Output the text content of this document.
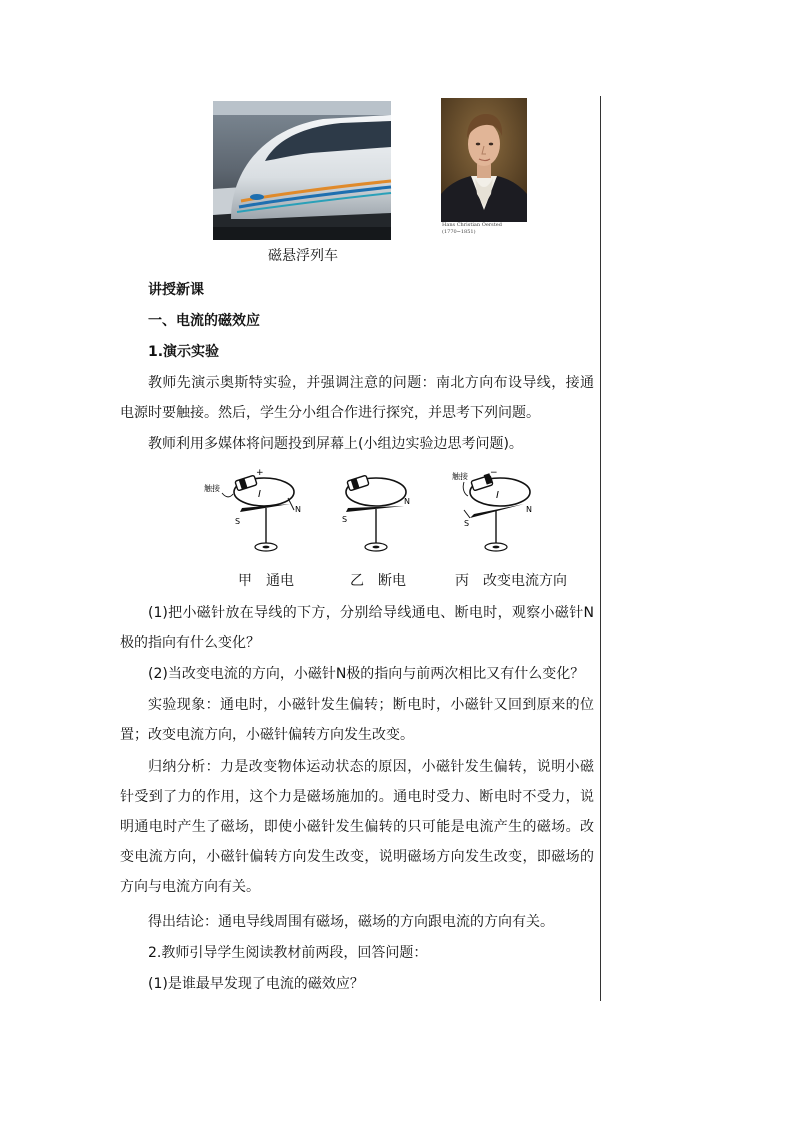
Hans Christian Oersted
(1770~1851)
磁悬浮列车
讲授新课
一、电流的磁效应
1.演示实验
教师先演示奥斯特实验，并强调注意的问题：南北方向布设导线，接通电源时要触接。然后，学生分小组合作进行探究，并思考下列问题。
教师利用多媒体将问题投到屏幕上(小组边实验边思考问题)。
+
触接
I
S
N
S
N
−
触接
I
S
N
甲　通电	乙　断电	丙　改变电流方向
(1)把小磁针放在导线的下方，分别给导线通电、断电时，观察小磁针N极的指向有什么变化？
(2)当改变电流的方向，小磁针N极的指向与前两次相比又有什么变化？
实验现象：通电时，小磁针发生偏转；断电时，小磁针又回到原来的位置；改变电流方向，小磁针偏转方向发生改变。
归纳分析：力是改变物体运动状态的原因，小磁针发生偏转，说明小磁针受到了力的作用，这个力是磁场施加的。通电时受力、断电时不受力，说明通电时产生了磁场，即使小磁针发生偏转的只可能是电流产生的磁场。改变电流方向，小磁针偏转方向发生改变，说明磁场方向发生改变，即磁场的方向与电流方向有关。
得出结论：通电导线周围有磁场，磁场的方向跟电流的方向有关。
2.教师引导学生阅读教材前两段，回答问题：
(1)是谁最早发现了电流的磁效应？
